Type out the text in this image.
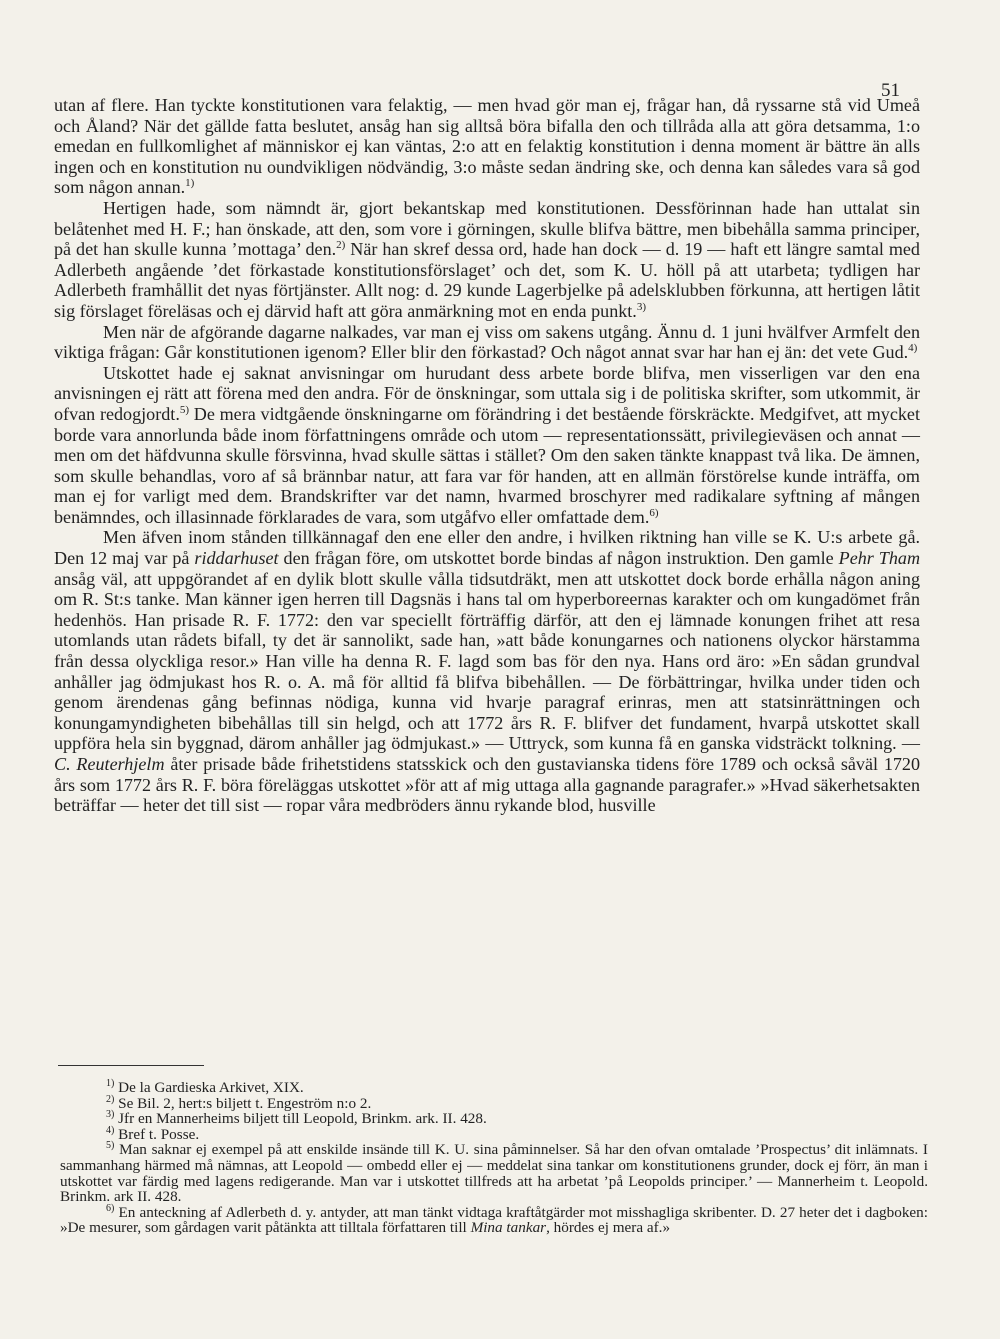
51

utan af flere. Han tyckte konstitutionen vara felaktig, — men hvad gör man ej, frågar han, då ryssarne stå vid Umeå och Åland? När det gällde fatta beslutet, ansåg han sig alltså böra bifalla den och tillråda alla att göra detsamma, 1:o emedan en fullkomlighet af människor ej kan väntas, 2:o att en felaktig konstitution i denna moment är bättre än alls ingen och en konstitution nu oundvikligen nödvändig, 3:o måste sedan ändring ske, och denna kan således vara så god som någon annan.$^{1)}$

Hertigen hade, som nämndt är, gjort bekantskap med konstitutionen. Dessförinnan hade han uttalat sin belåtenhet med H. F.; han önskade, att den, som vore i görningen, skulle blifva bättre, men bibehålla samma principer, på det han skulle kunna ’mottaga’ den.$^{2)}$ När han skref dessa ord, hade han dock — d. 19 — haft ett längre samtal med Adlerbeth angående ’det förkastade konstitutionsförslaget’ och det, som K. U. höll på att utarbeta; tydligen har Adlerbeth framhållit det nyas förtjänster. Allt nog: d. 29 kunde Lagerbjelke på adelsklubben förkunna, att hertigen låtit sig förslaget föreläsas och ej därvid haft att göra anmärkning mot en enda punkt.$^{3)}$

Men när de afgörande dagarne nalkades, var man ej viss om sakens utgång. Ännu d. 1 juni hvälfver Armfelt den viktiga frågan: Går konstitutionen igenom? Eller blir den förkastad? Och något annat svar har han ej än: det vete Gud.$^{4)}$

Utskottet hade ej saknat anvisningar om hurudant dess arbete borde blifva, men visserligen var den ena anvisningen ej rätt att förena med den andra. För de önskningar, som uttala sig i de politiska skrifter, som utkommit, är ofvan redogjordt.$^{5)}$ De mera vidtgående önskningarne om förändring i det bestående förskräckte. Medgifvet, att mycket borde vara annorlunda både inom författningens område och utom — representationssätt, privilegieväsen och annat — men om det häfdvunna skulle försvinna, hvad skulle sättas i stället? Om den saken tänkte knappast två lika. De ämnen, som skulle behandlas, voro af så brännbar natur, att fara var för handen, att en allmän förstörelse kunde inträffa, om man ej for varligt med dem. Brandskrifter var det namn, hvarmed broschyrer med radikalare syftning af mången benämndes, och illasinnade förklarades de vara, som utgåfvo eller omfattade dem.$^{6)}$

Men äfven inom stånden tillkännagaf den ene eller den andre, i hvilken riktning han ville se K. U:s arbete gå. Den 12 maj var på riddarhuset den frågan före, om utskottet borde bindas af någon instruktion. Den gamle Pehr Tham ansåg väl, att uppgörandet af en dylik blott skulle vålla tidsutdräkt, men att utskottet dock borde erhålla någon aning om R. St:s tanke. Man känner igen herren till Dagsnäs i hans tal om hyperboreernas karakter och om kungadömet från hedenhös. Han prisade R. F. 1772: den var speciellt förträffig därför, att den ej lämnade konungen frihet att resa utomlands utan rådets bifall, ty det är sannolikt, sade han, »att både konungarnes och nationens olyckor härstamma från dessa olyckliga resor.» Han ville ha denna R. F. lagd som bas för den nya. Hans ord äro: »En sådan grundval anhåller jag ödmjukast hos R. o. A. må för alltid få blifva bibehållen. — De förbättringar, hvilka under tiden och genom ärendenas gång befinnas nödiga, kunna vid hvarje paragraf erinras, men att statsinrättningen och konungamyndigheten bibehållas till sin helgd, och att 1772 års R. F. blifver det fundament, hvarpå utskottet skall uppföra hela sin byggnad, därom anhåller jag ödmjukast.» — Uttryck, som kunna få en ganska vidsträckt tolkning. — C. Reuterhjelm åter prisade både frihetstidens statsskick och den gustavianska tidens före 1789 och också såväl 1720 års som 1772 års R. F. böra föreläggas utskottet »för att af mig uttaga alla gagnande paragrafer.» »Hvad säkerhetsakten beträffar — heter det till sist — ropar våra medbröders ännu rykande blod, husville

$^{1)}$ De la Gardieska Arkivet, XIX.

$^{2)}$ Se Bil. 2, hert:s biljett t. Engeström n:o 2.

$^{3)}$ Jfr en Mannerheims biljett till Leopold, Brinkm. ark. II. 428.

$^{4)}$ Bref t. Posse.

$^{5)}$ Man saknar ej exempel på att enskilde insände till K. U. sina påminnelser. Så har den ofvan omtalade ’Prospectus’ dit inlämnats. I sammanhang härmed må nämnas, att Leopold — ombedd eller ej — meddelat sina tankar om konstitutionens grunder, dock ej förr, än man i utskottet var färdig med lagens redigerande. Man var i utskottet tillfreds att ha arbetat ’på Leopolds principer.’ — Mannerheim t. Leopold. Brinkm. ark II. 428.

$^{6)}$ En anteckning af Adlerbeth d. y. antyder, att man tänkt vidtaga kraftåtgärder mot misshagliga skribenter. D. 27 heter det i dagboken: »De mesurer, som gårdagen varit påtänkta att tilltala författaren till Mina tankar, hördes ej mera af.»
